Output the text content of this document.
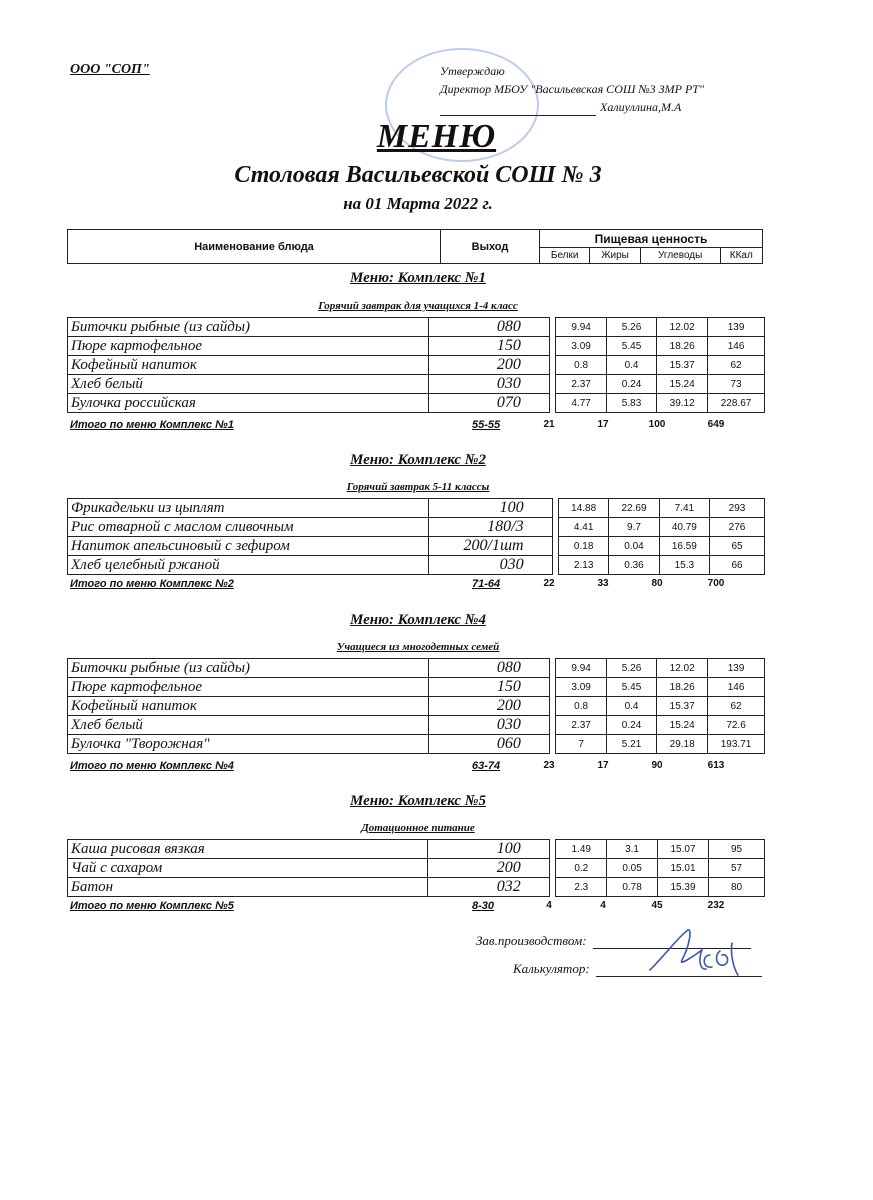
ООО "СОП"	Утверждаю
Директор МБОУ "Васильевская СОШ №3 ЗМР РТ"
Халиуллина,М.А
МЕНЮ
Столовая Васильевской СОШ № 3
на 01 Марта 2022 г.
Наименование блюда	Выход	Пищевая ценность			
		Белки	Жиры	Углеводы	ККал
Меню: Комплекс №1
Горячий завтрак для учащихся 1-4 класс
Биточки рыбные (из сайды)	080		9.94	5.26	12.02	139
Пюре картофельное	150		3.09	5.45	18.26	146
Кофейный напиток	200		0.8	0.4	15.37	62
Хлеб белый	030		2.37	0.24	15.24	73
Булочка российская	070		4.77	5.83	39.12	228.67
Итого по меню Комплекс №1	55-55	21	17	100	649
Меню: Комплекс №2
Горячий завтрак 5-11 классы
Фрикадельки из цыплят	100		14.88	22.69	7.41	293
Рис отварной с маслом сливочным	180/3		4.41	9.7	40.79	276
Напиток апельсиновый с зефиром	200/1шт		0.18	0.04	16.59	65
Хлеб целебный ржаной	030		2.13	0.36	15.3	66
Итого по меню Комплекс №2	71-64	22	33	80	700
Меню: Комплекс №4
Учащиеся из многодетных семей
Биточки рыбные (из сайды)	080		9.94	5.26	12.02	139
Пюре картофельное	150		3.09	5.45	18.26	146
Кофейный напиток	200		0.8	0.4	15.37	62
Хлеб белый	030		2.37	0.24	15.24	72.6
Булочка "Творожная"	060		7	5.21	29.18	193.71
Итого по меню Комплекс №4	63-74	23	17	90	613
Меню: Комплекс №5
Дотационное питание
Каша рисовая вязкая	100		1.49	3.1	15.07	95
Чай с сахаром	200		0.2	0.05	15.01	57
Батон	032		2.3	0.78	15.39	80
Итого по меню Комплекс №5	8-30	4	4	45	232
Зав.производством:
Калькулятор:
